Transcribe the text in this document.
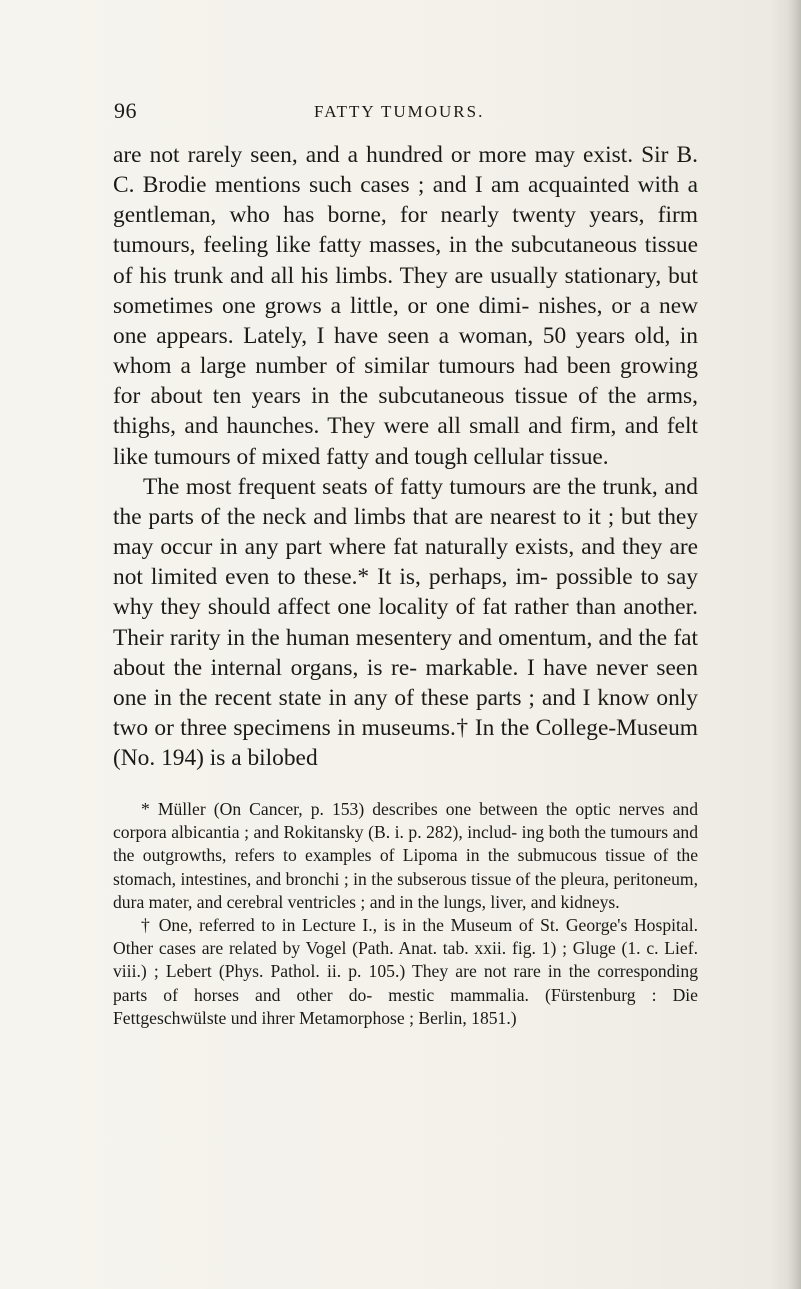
96	FATTY TUMOURS.

are not rarely seen, and a hundred or more may exist. Sir B. C. Brodie mentions such cases ; and I am acquainted with a gentleman, who has borne, for nearly twenty years, firm tumours, feeling like fatty masses, in the subcutaneous tissue of his trunk and all his limbs. They are usually stationary, but sometimes one grows a little, or one dimi- nishes, or a new one appears. Lately, I have seen a woman, 50 years old, in whom a large number of similar tumours had been growing for about ten years in the subcutaneous tissue of the arms, thighs, and haunches. They were all small and firm, and felt like tumours of mixed fatty and tough cellular tissue.

The most frequent seats of fatty tumours are the trunk, and the parts of the neck and limbs that are nearest to it ; but they may occur in any part where fat naturally exists, and they are not limited even to these.* It is, perhaps, im- possible to say why they should affect one locality of fat rather than another. Their rarity in the human mesentery and omentum, and the fat about the internal organs, is re- markable. I have never seen one in the recent state in any of these parts ; and I know only two or three specimens in museums.† In the College-Museum (No. 194) is a bilobed

* Müller (On Cancer, p. 153) describes one between the optic nerves and corpora albicantia ; and Rokitansky (B. i. p. 282), includ- ing both the tumours and the outgrowths, refers to examples of Lipoma in the submucous tissue of the stomach, intestines, and bronchi ; in the subserous tissue of the pleura, peritoneum, dura mater, and cerebral ventricles ; and in the lungs, liver, and kidneys.

† One, referred to in Lecture I., is in the Museum of St. George's Hospital. Other cases are related by Vogel (Path. Anat. tab. xxii. fig. 1) ; Gluge (1. c. Lief. viii.) ; Lebert (Phys. Pathol. ii. p. 105.) They are not rare in the corresponding parts of horses and other do- mestic mammalia. (Fürstenburg : Die Fettgeschwülste und ihrer Metamorphose ; Berlin, 1851.)
